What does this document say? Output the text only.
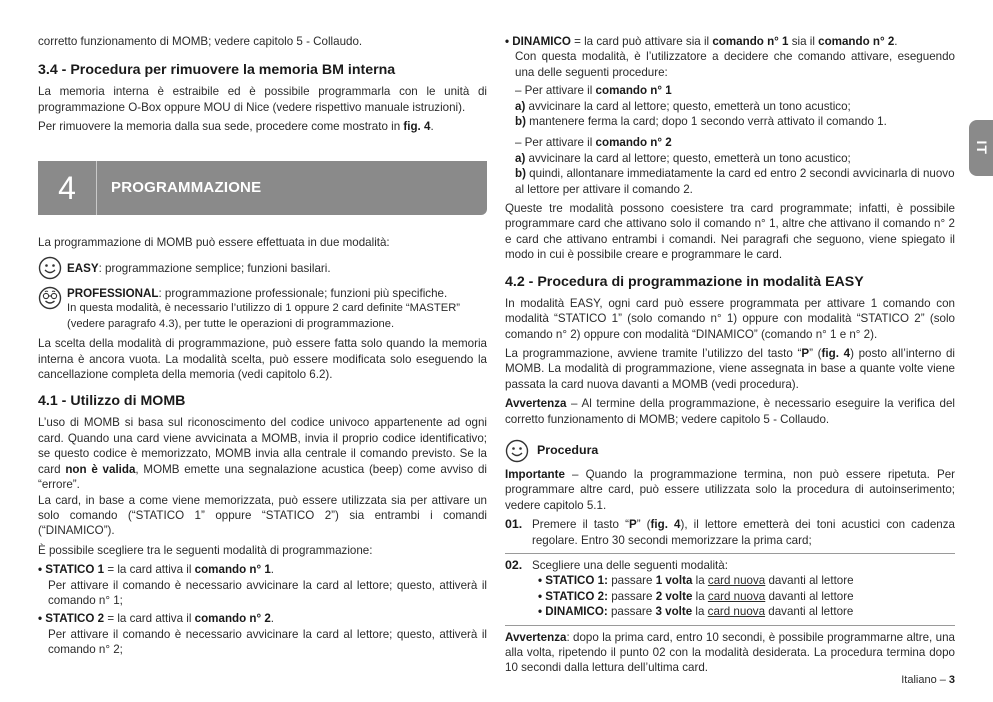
corretto funzionamento di MOMB; vedere capitolo 5 - Collaudo.

3.4 - Procedura per rimuovere la memoria BM interna

La memoria interna è estraibile ed è possibile programmarla con le unità di programmazione O-Box oppure MOU di Nice (vedere rispettivo manuale istruzioni).

Per rimuovere la memoria dalla sua sede, procedere come mostrato in fig. 4.

4	PROGRAMMAZIONE

La programmazione di MOMB può essere effettuata in due modalità:

EASY: programmazione semplice; funzioni basilari.
PROFESSIONAL: programmazione professionale; funzioni più specifiche.
In questa modalità, è necessario l’utilizzo di 1 oppure 2 card definite “MASTER” (vedere paragrafo 4.3), per tutte le operazioni di programmazione.

La scelta della modalità di programmazione, può essere fatta solo quando la memoria interna è ancora vuota. La modalità scelta, può essere modificata solo eseguendo la cancellazione completa della memoria (vedi capitolo 6.2).

4.1 - Utilizzo di MOMB

L’uso di MOMB si basa sul riconoscimento del codice univoco appartenente ad ogni card. Quando una card viene avvicinata a MOMB, invia il proprio codice identificativo; se questo codice è memorizzato, MOMB invia alla centrale il comando previsto. Se la card non è valida, MOMB emette una segnalazione acustica (beep) come avviso di “errore”.

La card, in base a come viene memorizzata, può essere utilizzata sia per attivare un solo comando (“STATICO 1” oppure “STATICO 2”) sia entrambi i comandi (“DINAMICO”).

È possibile scegliere tra le seguenti modalità di programmazione:

• STATICO 1 = la card attiva il comando n° 1.
Per attivare il comando è necessario avvicinare la card al lettore; questo, attiverà il comando n° 1;
• STATICO 2 = la card attiva il comando n° 2.
Per attivare il comando è necessario avvicinare la card al lettore; questo, attiverà il comando n° 2;
• DINAMICO = la card può attivare sia il comando n° 1 sia il comando n° 2.
Con questa modalità, è l’utilizzatore a decidere che comando attivare, eseguendo una delle seguenti procedure:
– Per attivare il comando n° 1
a) avvicinare la card al lettore; questo, emetterà un tono acustico;
b) mantenere ferma la card; dopo 1 secondo verrà attivato il comando 1.
– Per attivare il comando n° 2
a) avvicinare la card al lettore; questo, emetterà un tono acustico;
b) quindi, allontanare immediatamente la card ed entro 2 secondi avvicinarla di nuovo al lettore per attivare il comando 2.

Queste tre modalità possono coesistere tra card programmate; infatti, è possibile programmare card che attivano solo il comando n° 1, altre che attivano il comando n° 2 e card che attivano entrambi i comandi. Nei paragrafi che seguono, viene spiegato il modo in cui è possibile creare e programmare le card.

4.2 - Procedura di programmazione in modalità EASY

In modalità EASY, ogni card può essere programmata per attivare 1 comando con modalità “STATICO 1” (solo comando n° 1) oppure con modalità “STATICO 2” (solo comando n° 2) oppure con modalità “DINAMICO” (comando n° 1 e n° 2).

La programmazione, avviene tramite l’utilizzo del tasto “P” (fig. 4) posto all’interno di MOMB. La modalità di programmazione, viene assegnata in base a quante volte viene passata la card nuova davanti a MOMB (vedi procedura).

Avvertenza – Al termine della programmazione, è necessario eseguire la verifica del corretto funzionamento di MOMB; vedere capitolo 5 - Collaudo.

Procedura

Importante – Quando la programmazione termina, non può essere ripetuta. Per programmare altre card, può essere utilizzata solo la procedura di autoinserimento; vedere capitolo 5.1.

01. Premere il tasto “P” (fig. 4), il lettore emetterà dei toni acustici con cadenza regolare. Entro 30 secondi memorizzare la prima card;
02. Scegliere una delle seguenti modalità:
• STATICO 1: passare 1 volta la card nuova davanti al lettore
• STATICO 2: passare 2 volte la card nuova davanti al lettore
• DINAMICO: passare 3 volte la card nuova davanti al lettore

Avvertenza: dopo la prima card, entro 10 secondi, è possibile programmarne altre, una alla volta, ripetendo il punto 02 con la modalità desiderata. La procedura termina dopo 10 secondi dalla lettura dell’ultima card.

IT
Italiano – 3
